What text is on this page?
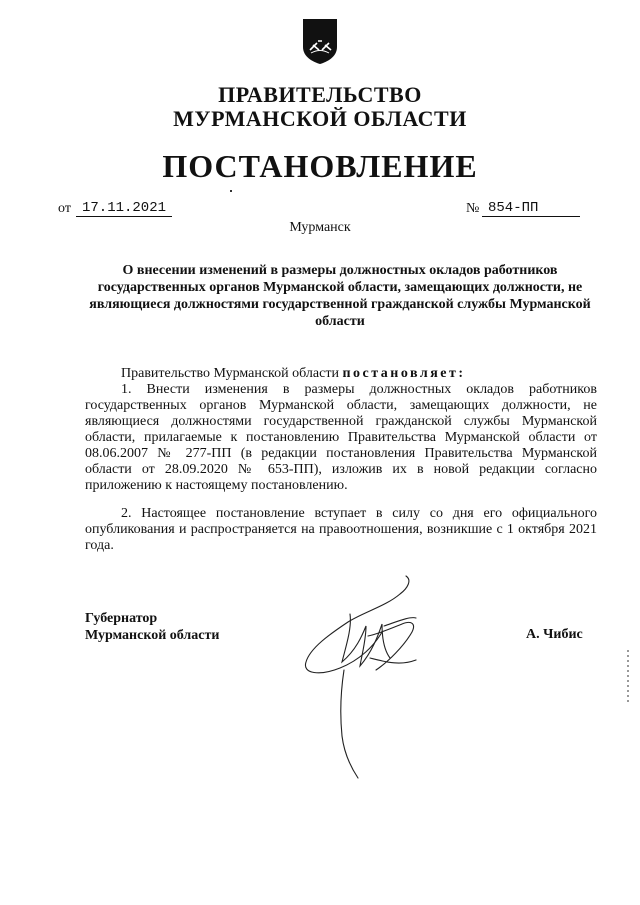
ПРАВИТЕЛЬСТВО
МУРМАНСКОЙ ОБЛАСТИ
ПОСТАНОВЛЕНИЕ
от 17.11.2021	№ 854-ПП
Мурманск
О внесении изменений в размеры должностных окладов работников государственных органов Мурманской области, замещающих должности, не являющиеся должностями государственной гражданской службы Мурманской области
Правительство Мурманской области постановляет:
1. Внести изменения в размеры должностных окладов работников государственных органов Мурманской области, замещающих должности, не являющиеся должностями государственной гражданской службы Мурманской области, прилагаемые к постановлению Правительства Мурманской области от 08.06.2007 № 277-ПП (в редакции постановления Правительства Мурманской области от 28.09.2020 № 653-ПП), изложив их в новой редакции согласно приложению к настоящему постановлению.
2. Настоящее постановление вступает в силу со дня его официального опубликования и распространяется на правоотношения, возникшие с 1 октября 2021 года.
Губернатор
Мурманской области	А. Чибис
